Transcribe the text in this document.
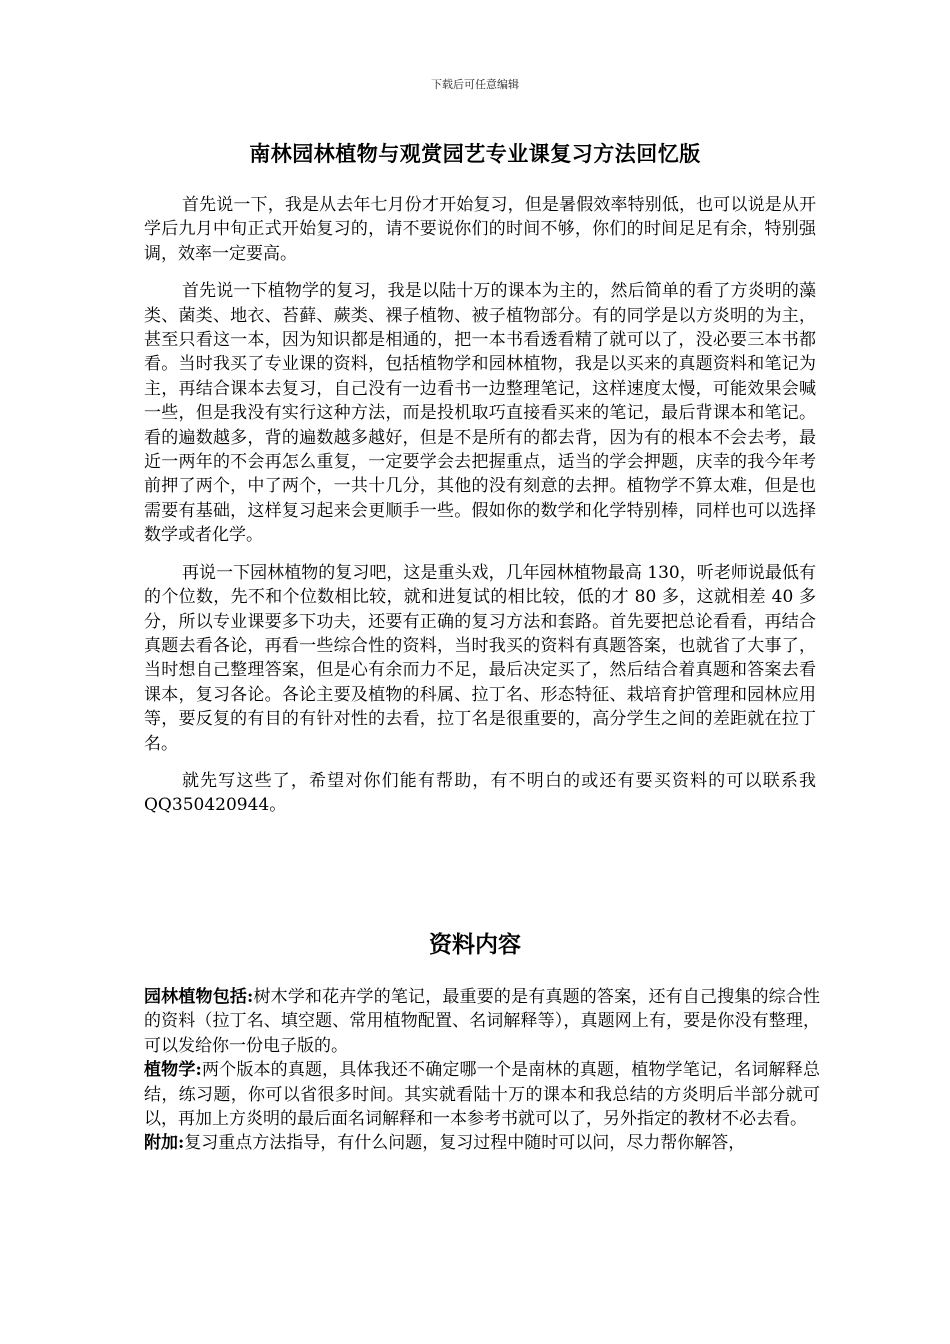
下载后可任意编辑
南林园林植物与观赏园艺专业课复习方法回忆版

首先说一下，我是从去年七月份才开始复习，但是暑假效率特别低，也可以说是从开学后九月中旬正式开始复习的，请不要说你们的时间不够，你们的时间足足有余，特别强调，效率一定要高。

首先说一下植物学的复习，我是以陆十万的课本为主的，然后简单的看了方炎明的藻类、菌类、地衣、苔藓、蕨类、裸子植物、被子植物部分。有的同学是以方炎明的为主，甚至只看这一本，因为知识都是相通的，把一本书看透看精了就可以了，没必要三本书都看。当时我买了专业课的资料，包括植物学和园林植物，我是以买来的真题资料和笔记为主，再结合课本去复习，自己没有一边看书一边整理笔记，这样速度太慢，可能效果会喊一些，但是我没有实行这种方法，而是投机取巧直接看买来的笔记，最后背课本和笔记。看的遍数越多，背的遍数越多越好，但是不是所有的都去背，因为有的根本不会去考，最近一两年的不会再怎么重复，一定要学会去把握重点，适当的学会押题，庆幸的我今年考前押了两个，中了两个，一共十几分，其他的没有刻意的去押。植物学不算太难，但是也需要有基础，这样复习起来会更顺手一些。假如你的数学和化学特别棒，同样也可以选择数学或者化学。

再说一下园林植物的复习吧，这是重头戏，几年园林植物最高 130，听老师说最低有的个位数，先不和个位数相比较，就和进复试的相比较，低的才 80 多，这就相差 40 多分，所以专业课要多下功夫，还要有正确的复习方法和套路。首先要把总论看看，再结合真题去看各论，再看一些综合性的资料，当时我买的资料有真题答案，也就省了大事了，当时想自己整理答案，但是心有余而力不足，最后决定买了，然后结合着真题和答案去看课本，复习各论。各论主要及植物的科属、拉丁名、形态特征、栽培育护管理和园林应用等，要反复的有目的有针对性的去看，拉丁名是很重要的，高分学生之间的差距就在拉丁名。

就先写这些了，希望对你们能有帮助，有不明白的或还有要买资料的可以联系我 QQ350420944。

资料内容

园林植物包括:树木学和花卉学的笔记，最重要的是有真题的答案，还有自己搜集的综合性的资料（拉丁名、填空题、常用植物配置、名词解释等），真题网上有，要是你没有整理，可以发给你一份电子版的。

植物学:两个版本的真题，具体我还不确定哪一个是南林的真题，植物学笔记，名词解释总结，练习题，你可以省很多时间。其实就看陆十万的课本和我总结的方炎明后半部分就可以，再加上方炎明的最后面名词解释和一本参考书就可以了，另外指定的教材不必去看。

附加:复习重点方法指导，有什么问题，复习过程中随时可以问，尽力帮你解答，
